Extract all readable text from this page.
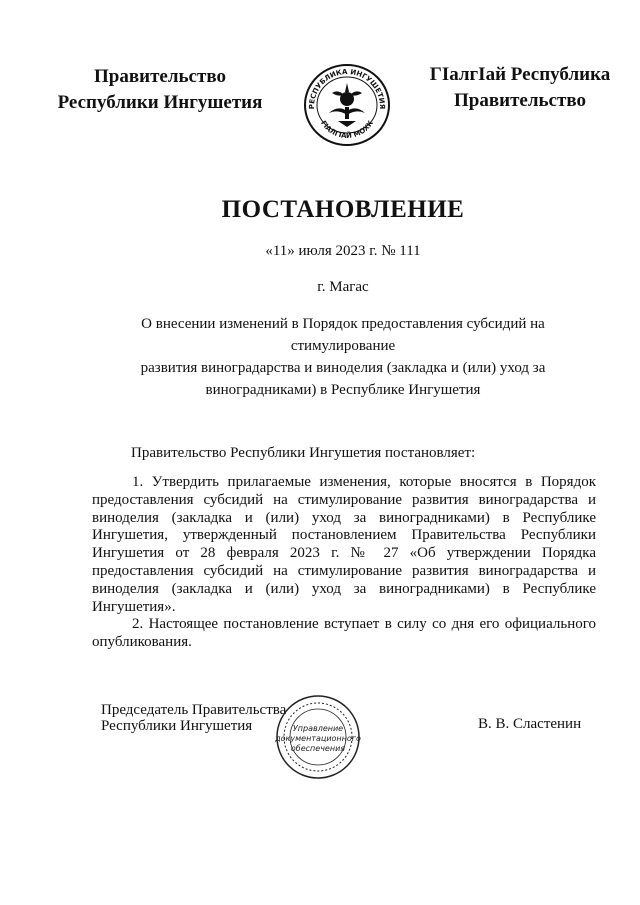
Правительство
Республики Ингушетия	РЕСПУБЛИКА ИНГУШЕТИЯ
ГӀАЛГӀАЙ МОХК
ГӀалгӀай Республика
Правительство
ПОСТАНОВЛЕНИЕ
«11» июля 2023 г. № 111
г. Магас
О внесении изменений в Порядок предоставления субсидий на
стимулирование
развития виноградарства и виноделия (закладка и (или) уход за
виноградниками) в Республике Ингушетия
Правительство Республики Ингушетия постановляет:

1. Утвердить прилагаемые изменения, которые вносятся в Порядок предоставления субсидий на стимулирование развития виноградарства и виноделия (закладка и (или) уход за виноградниками) в Республике Ингушетия, утвержденный постановлением Правительства Республики Ингушетия от 28 февраля 2023 г. № 27 «Об утверждении Порядка предоставления субсидий на стимулирование развития виноградарства и виноделия (закладка и (или) уход за виноградниками) в Республике Ингушетия».

2. Настоящее постановление вступает в силу со дня его официального опубликования.

Председатель Правительства
Республики Ингушетия	Управление
документационного
обеспечения
В. В. Сластенин
